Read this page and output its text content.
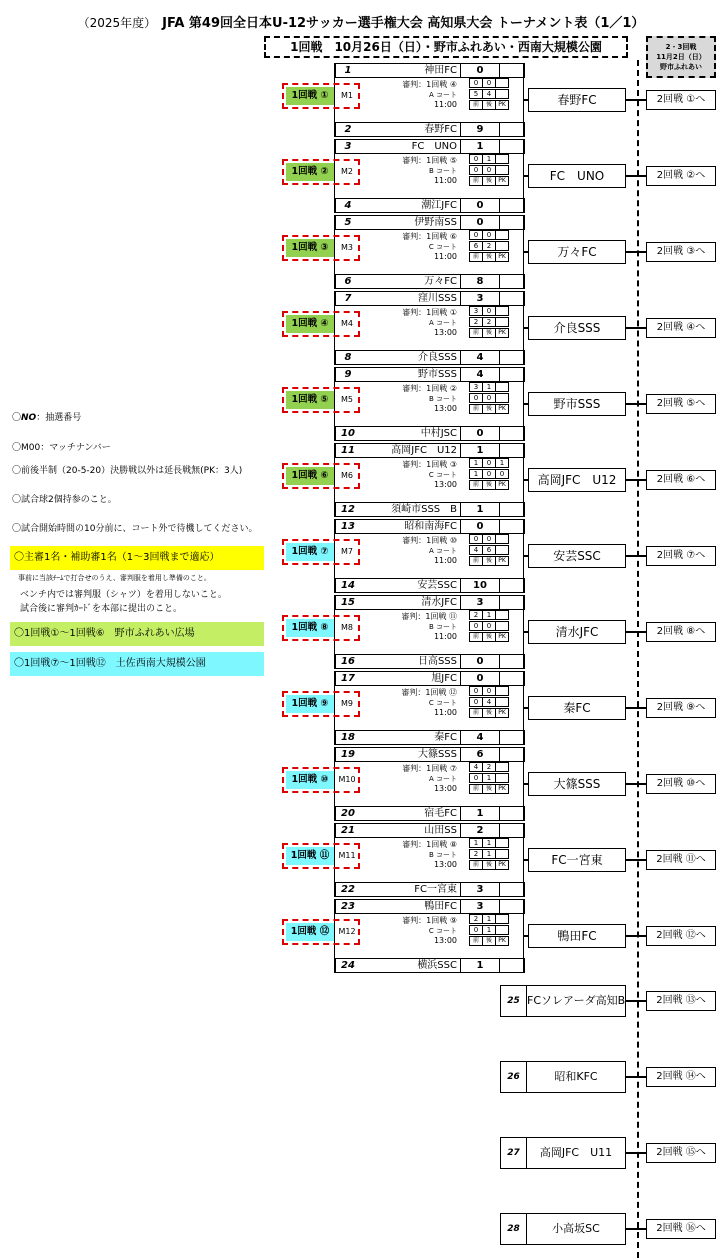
（2025年度） JFA 第49回全日本U-12サッカー選手権大会 高知県大会 トーナメント表（1／1）
1回戦　10月26日（日）・野市ふれあい・西南大規模公園	2・3回戦
11月2日（日）
野市ふれあい
〇NO：抽選番号
〇M00：マッチナンバー
〇前後半制（20-5-20）決勝戦以外は延長戦無(PK：3人)
〇試合球2個持参のこと。
〇試合開始時間の10分前に、コート外で待機してください。
〇主審1名・補助審1名（1～3回戦まで適応）
事前に当該ﾁｰﾑで打合せのうえ、審判服を着用し準備のこと。
ベンチ内では審判服（シャツ）を着用しないこと。
試合後に審判ｶｰﾄﾞを本部に提出のこと。
〇1回戦①～1回戦⑥　野市ふれあい広場
〇1回戦⑦～1回戦⑫　土佐西南大規模公園
1	神田FC	0
審判：1回戦 ④
A コート
11:00
0	0
5	4
前	後	PK
2	春野FC	9
1回戦 ①	M1	春野FC	2回戦 ①へ
3	FC　UNO	1
審判：1回戦 ⑤
B コート
11:00
0	1
0	0
前	後	PK
4	潮江JFC	0
1回戦 ②	M2	FC　UNO	2回戦 ②へ
5	伊野南SS	0
審判：1回戦 ⑥
C コート
11:00
0	0
6	2
前	後	PK
6	万々FC	8
1回戦 ③	M3	万々FC	2回戦 ③へ
7	窪川SSS	3
審判：1回戦 ①
A コート
13:00
3	0
2	2
前	後	PK
8	介良SSS	4
1回戦 ④	M4	介良SSS	2回戦 ④へ
9	野市SSS	4
審判：1回戦 ②
B コート
13:00
3	1
0	0
前	後	PK
10	中村JSC	0
1回戦 ⑤	M5	野市SSS	2回戦 ⑤へ
11	高岡JFC　U12	1
審判：1回戦 ③
C コート
13:00
1	0	1
1	0	0
前	後	PK
12	須崎市SSS　B	1
1回戦 ⑥	M6	高岡JFC　U12	2回戦 ⑥へ
13	昭和南海FC	0
審判：1回戦 ⑩
A コート
11:00
0	0
4	6
前	後	PK
14	安芸SSC	10
1回戦 ⑦	M7	安芸SSC	2回戦 ⑦へ
15	清水JFC	3
審判：1回戦 ⑪
B コート
11:00
2	1
0	0
前	後	PK
16	日高SSS	0
1回戦 ⑧	M8	清水JFC	2回戦 ⑧へ
17	旭JFC	0
審判：1回戦 ⑫
C コート
11:00
0	0
0	4
前	後	PK
18	秦FC	4
1回戦 ⑨	M9	秦FC	2回戦 ⑨へ
19	大篠SSS	6
審判：1回戦 ⑦
A コート
13:00
4	2
0	1
前	後	PK
20	宿毛FC	1
1回戦 ⑩	M10	大篠SSS	2回戦 ⑩へ
21	山田SS	2
審判：1回戦 ⑧
B コート
13:00
1	1
2	1
前	後	PK
22	FC一宮東	3
1回戦 ⑪	M11	FC一宮東	2回戦 ⑪へ
23	鴨田FC	3
審判：1回戦 ⑨
C コート
13:00
2	1
0	1
前	後	PK
24	横浜SSC	1
1回戦 ⑫	M12	鴨田FC	2回戦 ⑫へ
25 FCソレアーダ高知B	2回戦 ⑬へ
26	昭和KFC	2回戦 ⑭へ
27	高岡JFC　U11	2回戦 ⑮へ
28	小高坂SC	2回戦 ⑯へ
